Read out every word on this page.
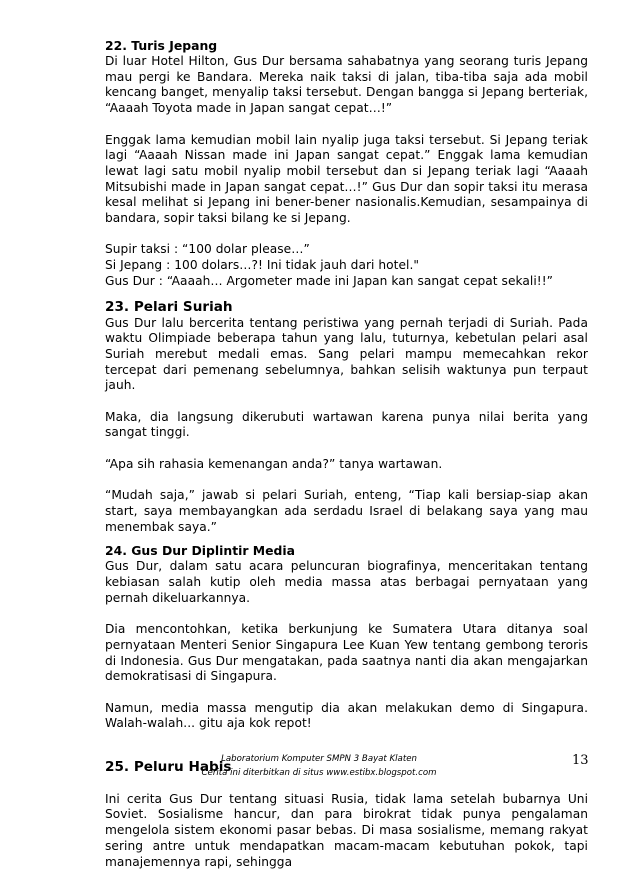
22. Turis Jepang

Di luar Hotel Hilton, Gus Dur bersama sahabatnya yang seorang turis Jepang mau pergi ke Bandara. Mereka naik taksi di jalan, tiba-tiba saja ada mobil kencang banget, menyalip taksi tersebut. Dengan bangga si Jepang berteriak, “Aaaah Toyota made in Japan sangat cepat…!”

Enggak lama kemudian mobil lain nyalip juga taksi tersebut. Si Jepang teriak lagi “Aaaah Nissan made ini Japan sangat cepat.” Enggak lama kemudian lewat lagi satu mobil nyalip mobil tersebut dan si Jepang teriak lagi “Aaaah Mitsubishi made in Japan sangat cepat…!” Gus Dur dan sopir taksi itu merasa kesal melihat si Jepang ini bener-bener nasionalis.Kemudian, sesampainya di bandara, sopir taksi bilang ke si Jepang.

Supir taksi : “100 dolar please…”

Si Jepang : 100 dolars…?! Ini tidak jauh dari hotel."

Gus Dur : “Aaaah… Argometer made ini Japan kan sangat cepat sekali!!”

23. Pelari Suriah

Gus Dur lalu bercerita tentang peristiwa yang pernah terjadi di Suriah. Pada waktu Olimpiade beberapa tahun yang lalu, tuturnya, kebetulan pelari asal Suriah merebut medali emas. Sang pelari mampu memecahkan rekor tercepat dari pemenang sebelumnya, bahkan selisih waktunya pun terpaut jauh.

Maka, dia langsung dikerubuti wartawan karena punya nilai berita yang sangat tinggi.

“Apa sih rahasia kemenangan anda?” tanya wartawan.

“Mudah saja,” jawab si pelari Suriah, enteng, “Tiap kali bersiap-siap akan start, saya membayangkan ada serdadu Israel di belakang saya yang mau menembak saya.”

24. Gus Dur Diplintir Media

Gus Dur, dalam satu acara peluncuran biografinya, menceritakan tentang kebiasan salah kutip oleh media massa atas berbagai pernyataan yang pernah dikeluarkannya.

Dia mencontohkan, ketika berkunjung ke Sumatera Utara ditanya soal pernyataan Menteri Senior Singapura Lee Kuan Yew tentang gembong teroris di Indonesia. Gus Dur mengatakan, pada saatnya nanti dia akan mengajarkan demokratisasi di Singapura.

Namun, media massa mengutip dia akan melakukan demo di Singapura. Walah-walah... gitu aja kok repot!

25. Peluru Habis

Ini cerita Gus Dur tentang situasi Rusia, tidak lama setelah bubarnya Uni Soviet. Sosialisme hancur, dan para birokrat tidak punya pengalaman mengelola sistem ekonomi pasar bebas. Di masa sosialisme, memang rakyat sering antre untuk mendapatkan macam-macam kebutuhan pokok, tapi manajemennya rapi, sehingga

Laboratorium Komputer SMPN 3 Bayat Klaten
Cerita ini diterbitkan di situs www.estibx.blogspot.com
13
